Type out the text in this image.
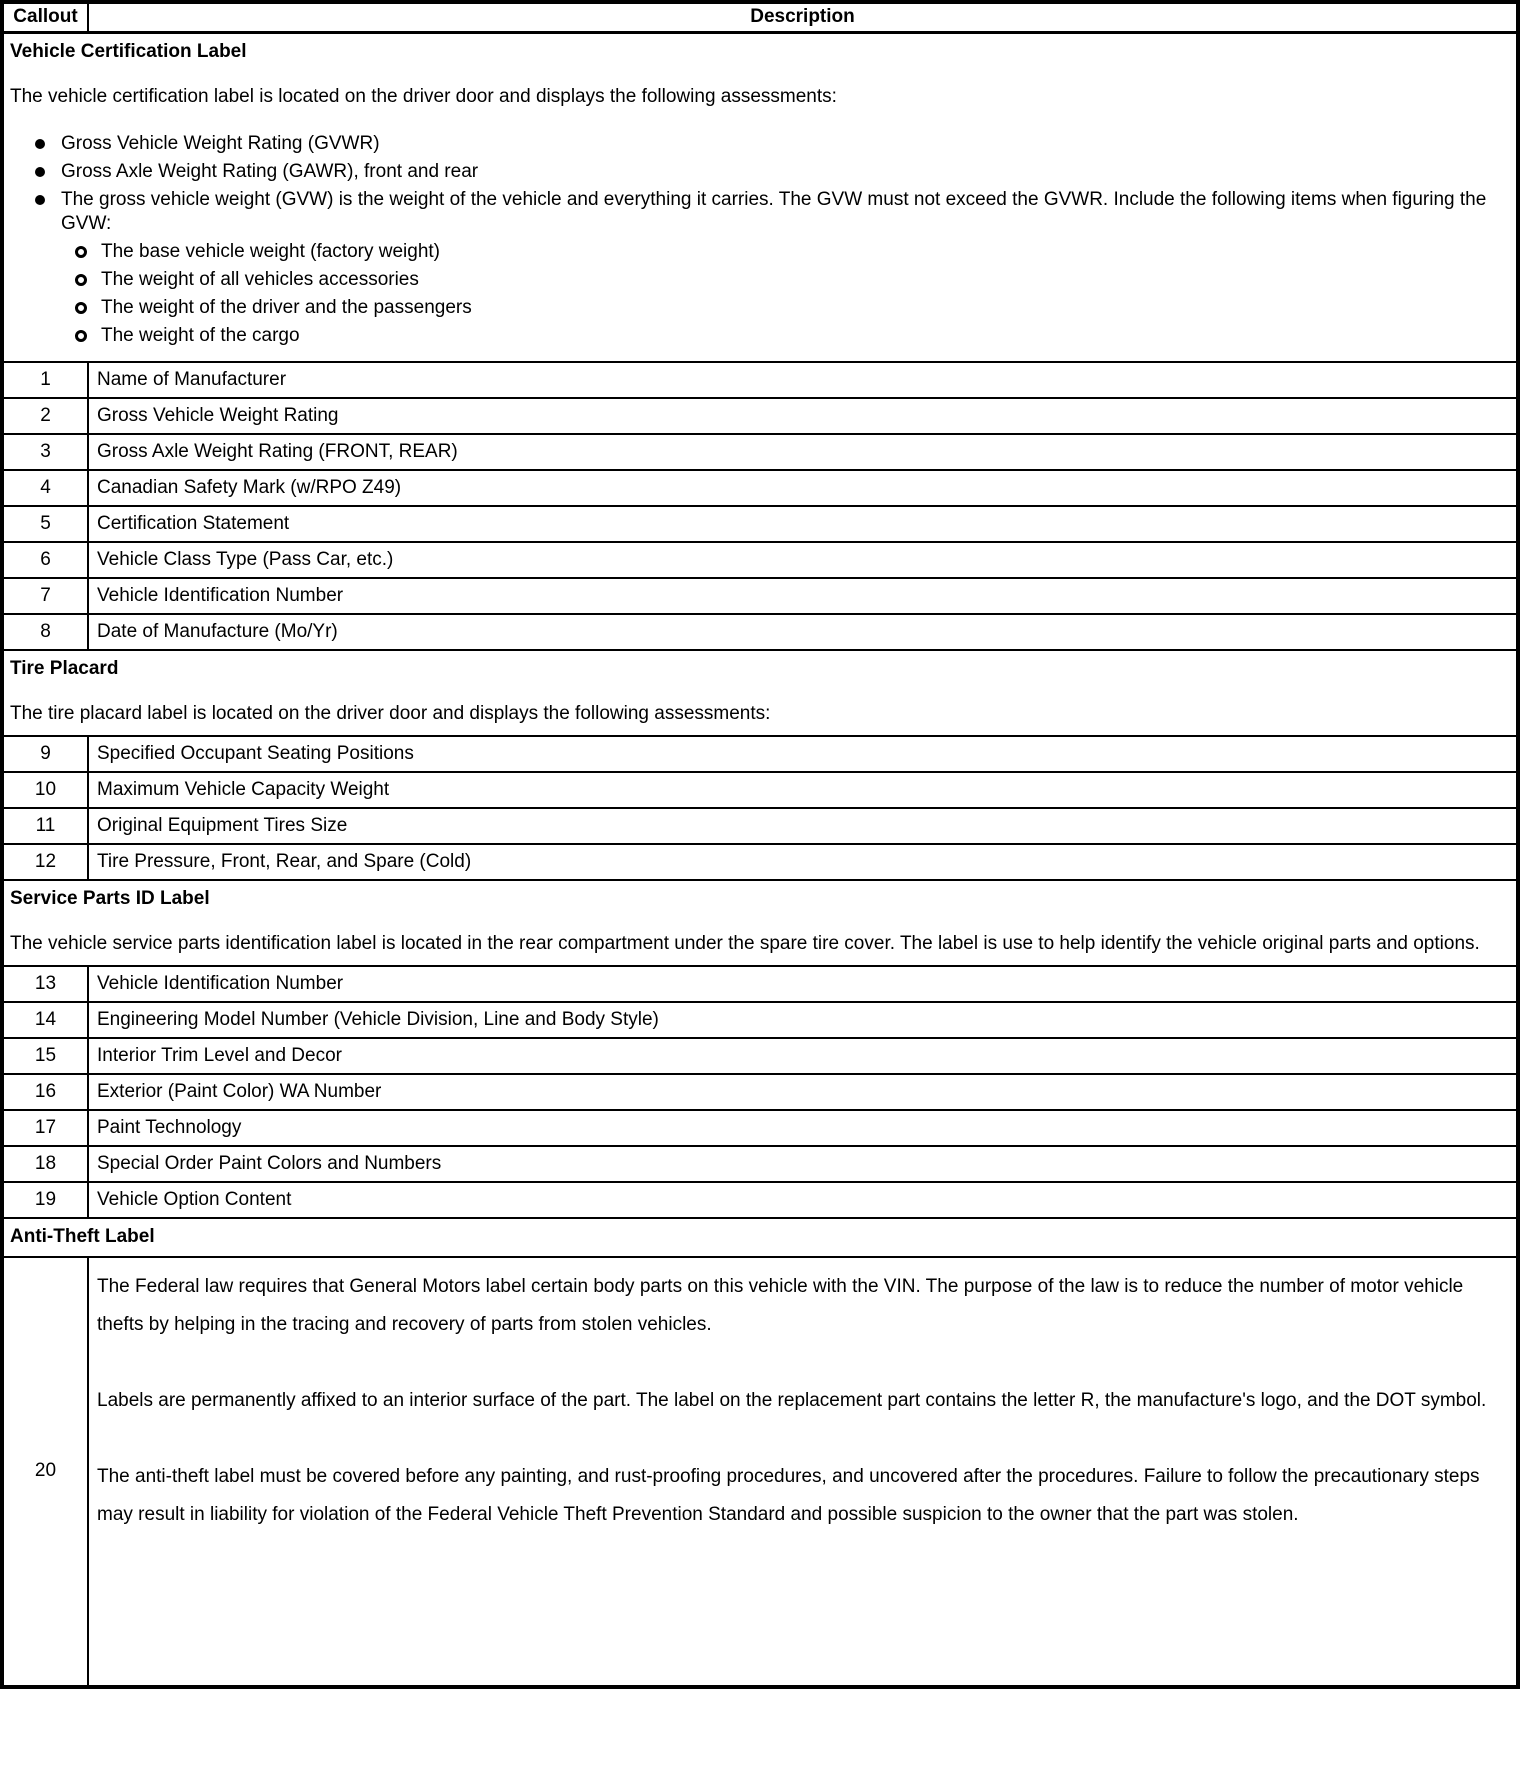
Callout	Description

Vehicle Certification Label
The vehicle certification label is located on the driver door and displays the following assessments:
Gross Vehicle Weight Rating (GVWR)
Gross Axle Weight Rating (GAWR), front and rear
The gross vehicle weight (GVW) is the weight of the vehicle and everything it carries. The GVW must not exceed the GVWR. Include the following items when figuring the GVW:
The base vehicle weight (factory weight)
The weight of all vehicles accessories
The weight of the driver and the passengers
The weight of the cargo

1	Name of Manufacturer
2	Gross Vehicle Weight Rating
3	Gross Axle Weight Rating (FRONT, REAR)
4	Canadian Safety Mark (w/RPO Z49)
5	Certification Statement
6	Vehicle Class Type (Pass Car, etc.)
7	Vehicle Identification Number
8	Date of Manufacture (Mo/Yr)

Tire Placard
The tire placard label is located on the driver door and displays the following assessments:	

9	Specified Occupant Seating Positions
10	Maximum Vehicle Capacity Weight
11	Original Equipment Tires Size
12	Tire Pressure, Front, Rear, and Spare (Cold)

Service Parts ID Label
The vehicle service parts identification label is located in the rear compartment under the spare tire cover. The label is use to help identify the vehicle original parts and options.	

13	Vehicle Identification Number
14	Engineering Model Number (Vehicle Division, Line and Body Style)
15	Interior Trim Level and Decor
16	Exterior (Paint Color) WA Number
17	Paint Technology
18	Special Order Paint Colors and Numbers
19	Vehicle Option Content

Anti-Theft Label	

20	The Federal law requires that General Motors label certain body parts on this vehicle with the VIN. The purpose of the law is to reduce the number of motor vehicle thefts by helping in the tracing and recovery of parts from stolen vehicles.

Labels are permanently affixed to an interior surface of the part. The label on the replacement part contains the letter R, the manufacture's logo, and the DOT symbol.

The anti-theft label must be covered before any painting, and rust-proofing procedures, and uncovered after the procedures. Failure to follow the precautionary steps may result in liability for violation of the Federal Vehicle Theft Prevention Standard and possible suspicion to the owner that the part was stolen.
